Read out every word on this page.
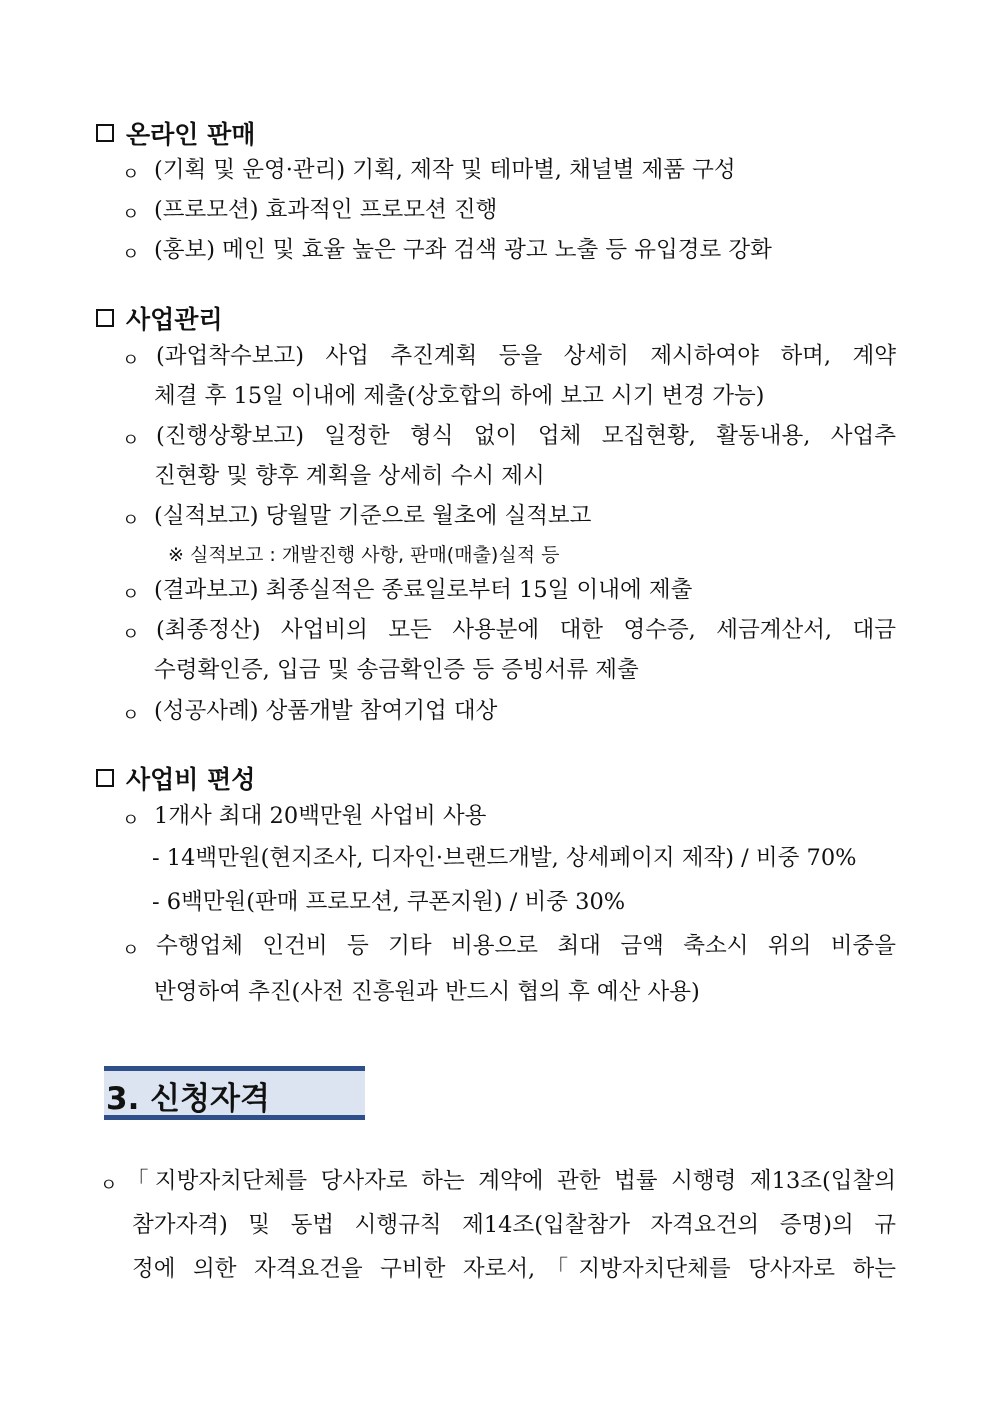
온라인 판매
ㅇ (기획 및 운영·관리) 기획, 제작 및 테마별, 채널별 제품 구성
ㅇ (프로모션) 효과적인 프로모션 진행
ㅇ (홍보) 메인 및 효율 높은 구좌 검색 광고 노출 등 유입경로 강화
사업관리
ㅇ (과업착수보고) 사업 추진계획 등을 상세히 제시하여야 하며, 계약
체결 후 15일 이내에 제출(상호합의 하에 보고 시기 변경 가능)
ㅇ (진행상황보고) 일정한 형식 없이 업체 모집현황, 활동내용, 사업추
진현황 및 향후 계획을 상세히 수시 제시
ㅇ (실적보고) 당월말 기준으로 월초에 실적보고
※ 실적보고 : 개발진행 사항, 판매(매출)실적 등
ㅇ (결과보고) 최종실적은 종료일로부터 15일 이내에 제출
ㅇ (최종정산) 사업비의 모든 사용분에 대한 영수증, 세금계산서, 대금
수령확인증, 입금 및 송금확인증 등 증빙서류 제출
ㅇ (성공사례) 상품개발 참여기업 대상
사업비 편성
ㅇ 1개사 최대 20백만원 사업비 사용
- 14백만원(현지조사, 디자인·브랜드개발, 상세페이지 제작) / 비중 70%
- 6백만원(판매 프로모션, 쿠폰지원) / 비중 30%
ㅇ 수행업체 인건비 등 기타 비용으로 최대 금액 축소시 위의 비중을
반영하여 추진(사전 진흥원과 반드시 협의 후 예산 사용)
3. 신청자격
ㅇ 「지방자치단체를 당사자로 하는 계약에 관한 법률 시행령 제13조(입찰의
참가자격) 및 동법 시행규칙 제14조(입찰참가 자격요건의 증명)의 규
정에 의한 자격요건을 구비한 자로서,「지방자치단체를 당사자로 하는
